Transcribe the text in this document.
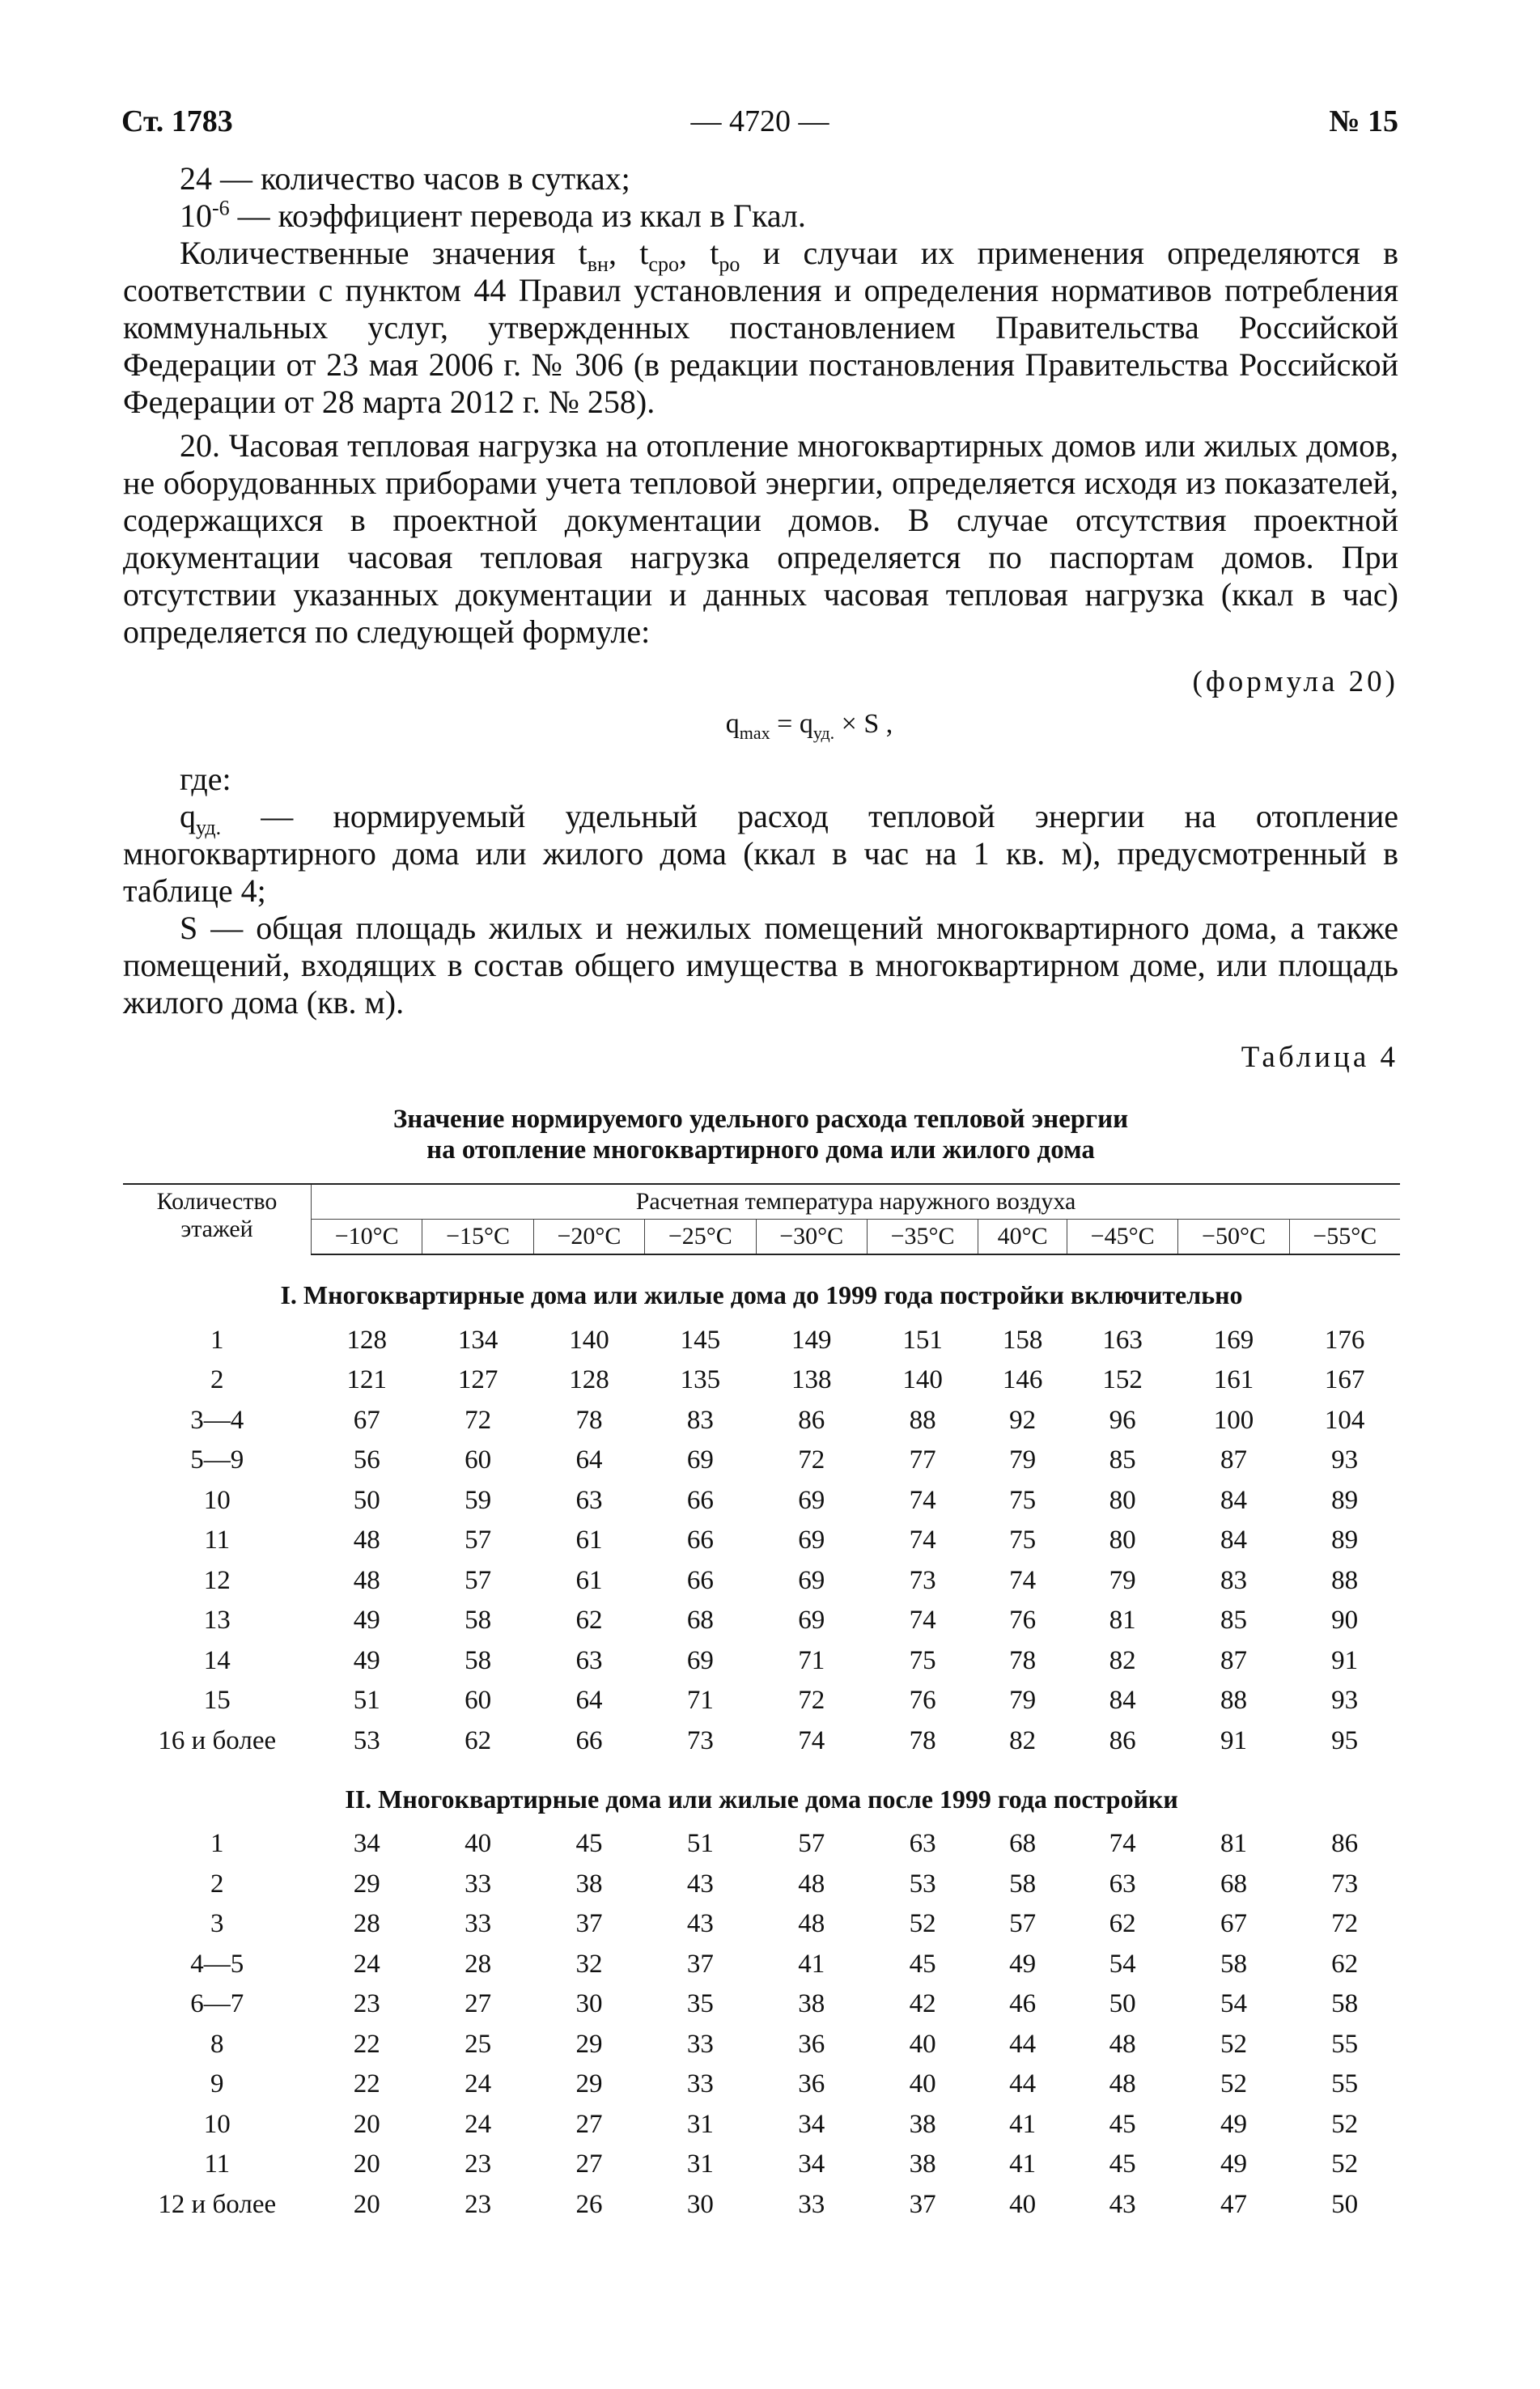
Ст. 1783	— 4720 —	№ 15

24 — количество часов в сутках;

$10^{-6}$ — коэффициент перевода из ккал в Гкал.

Количественные значения $t_{вн}$, $t_{сро}$, $t_{ро}$ и случаи их применения определяются в соответствии с пунктом 44 Правил установления и определения нормативов потребления коммунальных услуг, утвержденных постановлением Правительства Российской Федерации от 23 мая 2006 г. № 306 (в редакции постановления Правительства Российской Федерации от 28 марта 2012 г. № 258).

20. Часовая тепловая нагрузка на отопление многоквартирных домов или жилых домов, не оборудованных приборами учета тепловой энергии, определяется исходя из показателей, содержащихся в проектной документации домов. В случае отсутствия проектной документации часовая тепловая нагрузка определяется по паспортам домов. При отсутствии указанных документации и данных часовая тепловая нагрузка (ккал в час) определяется по следующей формуле:

(формула 20)
$q_{max} = q_{уд.} \times S$ ,

где:

$q_{уд.}$ — нормируемый удельный расход тепловой энергии на отопление многоквартирного дома или жилого дома (ккал в час на 1 кв. м), предусмотренный в таблице 4;

S — общая площадь жилых и нежилых помещений многоквартирного дома, а также помещений, входящих в состав общего имущества в многоквартирном доме, или площадь жилого дома (кв. м).

Таблица 4
Значение нормируемого удельного расхода тепловой энергии
на отопление многоквартирного дома или жилого дома
Количество этажей	Расчетная температура наружного воздуха									
	−10°С	−15°С	−20°С	−25°С	−30°С	−35°С	40°С	−45°С	−50°С	−55°С
I. Многоквартирные дома или жилые дома до 1999 года постройки включительно										
1	128	134	140	145	149	151	158	163	169	176
2	121	127	128	135	138	140	146	152	161	167
3—4	67	72	78	83	86	88	92	96	100	104
5—9	56	60	64	69	72	77	79	85	87	93
10	50	59	63	66	69	74	75	80	84	89
11	48	57	61	66	69	74	75	80	84	89
12	48	57	61	66	69	73	74	79	83	88
13	49	58	62	68	69	74	76	81	85	90
14	49	58	63	69	71	75	78	82	87	91
15	51	60	64	71	72	76	79	84	88	93
16 и более	53	62	66	73	74	78	82	86	91	95
II. Многоквартирные дома или жилые дома после 1999 года постройки										
1	34	40	45	51	57	63	68	74	81	86
2	29	33	38	43	48	53	58	63	68	73
3	28	33	37	43	48	52	57	62	67	72
4—5	24	28	32	37	41	45	49	54	58	62
6—7	23	27	30	35	38	42	46	50	54	58
8	22	25	29	33	36	40	44	48	52	55
9	22	24	29	33	36	40	44	48	52	55
10	20	24	27	31	34	38	41	45	49	52
11	20	23	27	31	34	38	41	45	49	52
12 и более	20	23	26	30	33	37	40	43	47	50
